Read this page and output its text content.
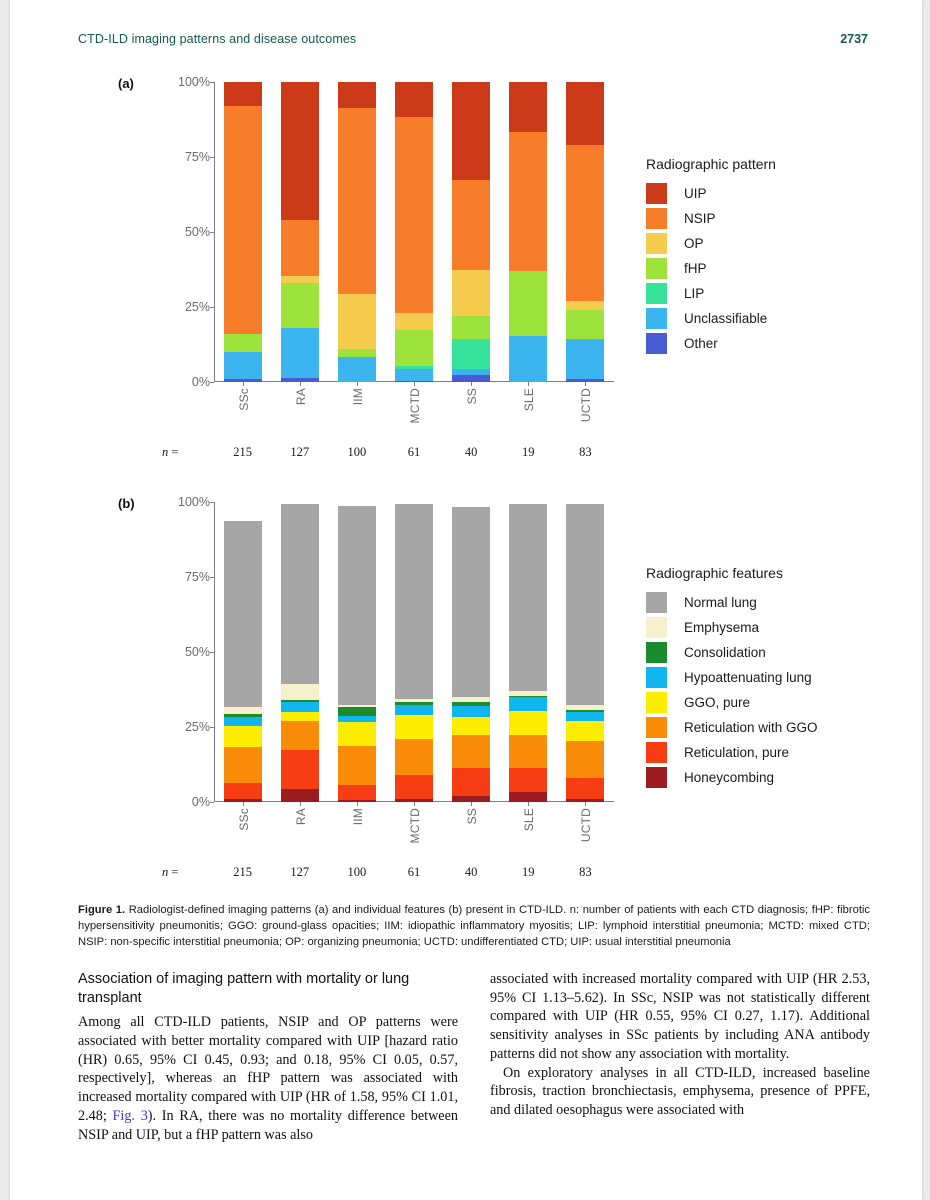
CTD-ILD imaging patterns and disease outcomes	2737
(a)
0%
25%
50%
75%
100%
SSc	RA	IIM	MCTD	SS	SLE	UCTD
n =	215	127	100	61	40	19	83
Radiographic pattern
UIP
NSIP
OP
fHP
LIP
Unclassifiable
Other
(b)
0%
25%
50%
75%
100%
SSc	RA	IIM	MCTD	SS	SLE	UCTD
n =	215	127	100	61	40	19	83
Radiographic features
Normal lung
Emphysema
Consolidation
Hypoattenuating lung
GGO, pure
Reticulation with GGO
Reticulation, pure
Honeycombing
Figure 1. Radiologist-defined imaging patterns (a) and individual features (b) present in CTD-ILD. n: number of patients with each CTD diagnosis; fHP: fibrotic hypersensitivity pneumonitis; GGO: ground-glass opacities; IIM: idiopathic inflammatory myositis; LIP: lymphoid interstitial pneumonia; MCTD: mixed CTD; NSIP: non-specific interstitial pneumonia; OP: organizing pneumonia; UCTD: undifferentiated CTD; UIP: usual interstitial pneumonia
Association of imaging pattern with mortality or lung transplant

Among all CTD-ILD patients, NSIP and OP patterns were associated with better mortality compared with UIP [hazard ratio (HR) 0.65, 95% CI 0.45, 0.93; and 0.18, 95% CI 0.05, 0.57, respectively], whereas an fHP pattern was associated with increased mortality compared with UIP (HR of 1.58, 95% CI 1.01, 2.48; Fig. 3). In RA, there was no mortality difference between NSIP and UIP, but a fHP pattern was also

associated with increased mortality compared with UIP (HR 2.53, 95% CI 1.13–5.62). In SSc, NSIP was not statistically different compared with UIP (HR 0.55, 95% CI 0.27, 1.17). Additional sensitivity analyses in SSc patients by including ANA antibody patterns did not show any association with mortality.

On exploratory analyses in all CTD-ILD, increased baseline fibrosis, traction bronchiectasis, emphysema, presence of PPFE, and dilated oesophagus were associated with
